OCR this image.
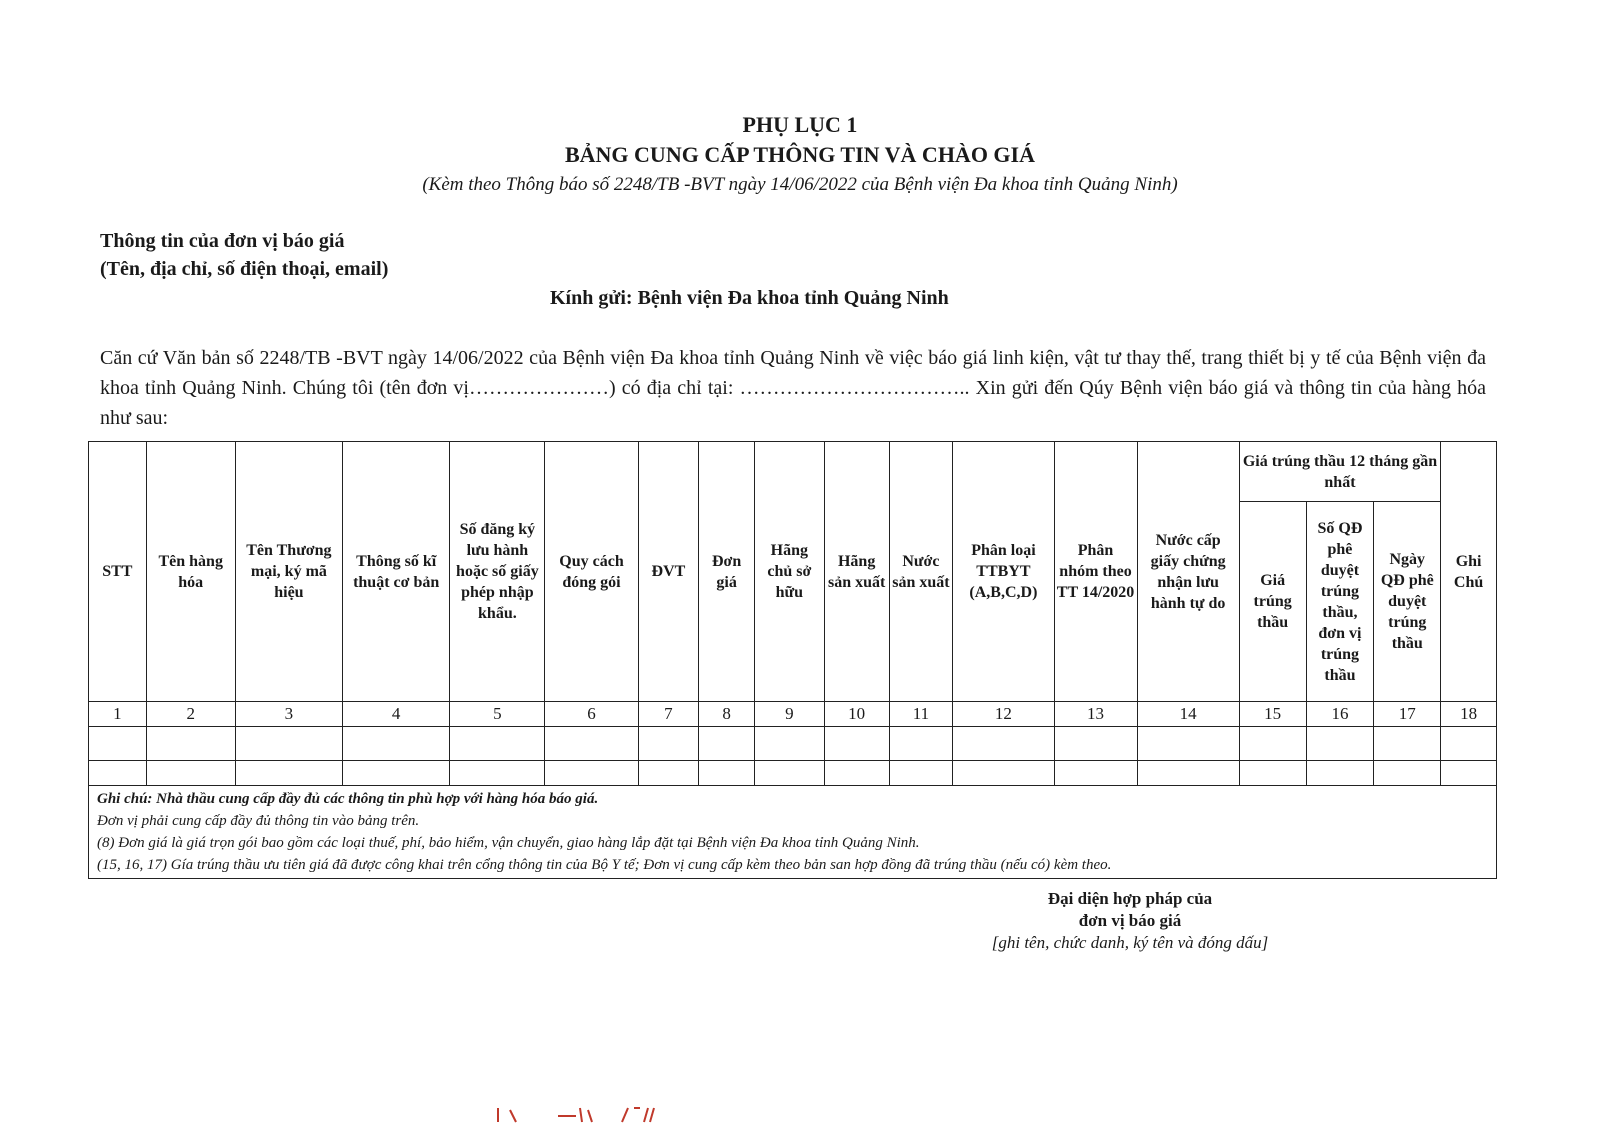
PHỤ LỤC 1
BẢNG CUNG CẤP THÔNG TIN VÀ CHÀO GIÁ
(Kèm theo Thông báo số 2248/TB -BVT ngày 14/06/2022 của Bệnh viện Đa khoa tỉnh Quảng Ninh)
Thông tin của đơn vị báo giá
(Tên, địa chỉ, số điện thoại, email)
Kính gửi: Bệnh viện Đa khoa tỉnh Quảng Ninh
Căn cứ Văn bản số 2248/TB -BVT ngày 14/06/2022 của Bệnh viện Đa khoa tỉnh Quảng Ninh về việc báo giá linh kiện, vật tư thay thế, trang thiết bị y tế của Bệnh viện đa khoa tỉnh Quảng Ninh. Chúng tôi (tên đơn vị…………………) có địa chỉ tại: …………………………….. Xin gửi đến Qúy Bệnh viện báo giá và thông tin của hàng hóa như sau:
STT	Tên hàng hóa	Tên Thương mại, ký mã hiệu	Thông số kĩ thuật cơ bản	Số đăng ký lưu hành hoặc số giấy phép nhập khẩu.	Quy cách đóng gói	ĐVT	Đơn giá	Hãng chủ sở hữu	Hãng sản xuất	Nước sản xuất	Phân loại TTBYT (A,B,C,D)	Phân nhóm theo TT 14/2020	Nước cấp giấy chứng nhận lưu hành tự do	Giá trúng thầu 12 tháng gần nhất			Ghi Chú
														Giá trúng thầu	Số QĐ phê duyệt trúng thầu, đơn vị trúng thầu	Ngày QĐ phê duyệt trúng thầu	
1	2	3	4	5	6	7	8	9	10	11	12	13	14	15	16	17	18

Ghi chú: Nhà thầu cung cấp đầy đủ các thông tin phù hợp với hàng hóa báo giá.
Đơn vị phải cung cấp đầy đủ thông tin vào bảng trên.
(8) Đơn giá là giá trọn gói bao gồm các loại thuế, phí, bảo hiểm, vận chuyển, giao hàng lắp đặt tại Bệnh viện Đa khoa tỉnh Quảng Ninh.
(15, 16, 17) Gía trúng thầu ưu tiên giá đã được công khai trên cổng thông tin của Bộ Y tế; Đơn vị cung cấp kèm theo bản san hợp đồng đã trúng thầu (nếu có) kèm theo.																	
Đại diện hợp pháp của
đơn vị báo giá
[ghi tên, chức danh, ký tên và đóng dấu]
